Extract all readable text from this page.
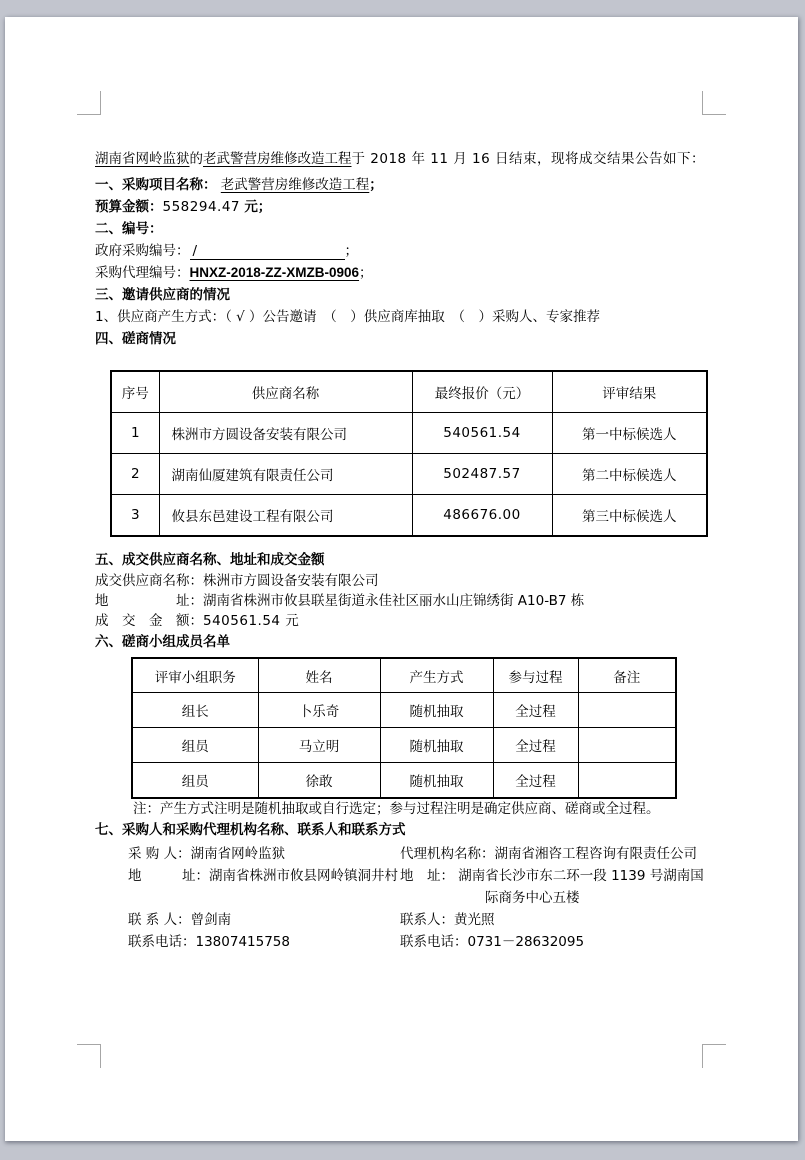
湖南省网岭监狱的老武警营房维修改造工程于 2018 年 11 月 16 日结束，现将成交结果公告如下：

一、采购项目名称： 老武警营房维修改造工程；

预算金额：558294.47 元；

二、编号：

政府采购编号： /	；

采购代理编号：HNXZ-2018-ZZ-XMZB-0906；

三、邀请供应商的情况

1、供应商产生方式：（ √ ）公告邀请　（　）供应商库抽取　（　）采购人、专家推荐

四、磋商情况

序号	供应商名称	最终报价（元）	评审结果
1	株洲市方圆设备安装有限公司	540561.54	第一中标候选人
2	湖南仙厦建筑有限责任公司	502487.57	第二中标候选人
3	攸县东邑建设工程有限公司	486676.00	第三中标候选人

五、成交供应商名称、地址和成交金额

成交供应商名称：株洲市方圆设备安装有限公司

地　　　　　址：湖南省株洲市攸县联星街道永佳社区丽水山庄锦绣街 A10-B7 栋

成　交　金　额：540561.54 元

六、磋商小组成员名单

评审小组职务	姓名	产生方式	参与过程	备注
组长	卜乐奇	随机抽取	全过程	
组员	马立明	随机抽取	全过程	
组员	徐敢	随机抽取	全过程	

注：产生方式注明是随机抽取或自行选定；参与过程注明是确定供应商、磋商或全过程。

七、采购人和采购代理机构名称、联系人和联系方式

采 购 人：湖南省网岭监狱

地　　　址：湖南省株洲市攸县网岭镇洞井村

联 系 人：曾剑南

联系电话：13807415758

代理机构名称：湖南省湘咨工程咨询有限责任公司

地　址： 湖南省长沙市东二环一段 1139 号湖南国

际商务中心五楼

联系人：黄光照

联系电话：0731－28632095
